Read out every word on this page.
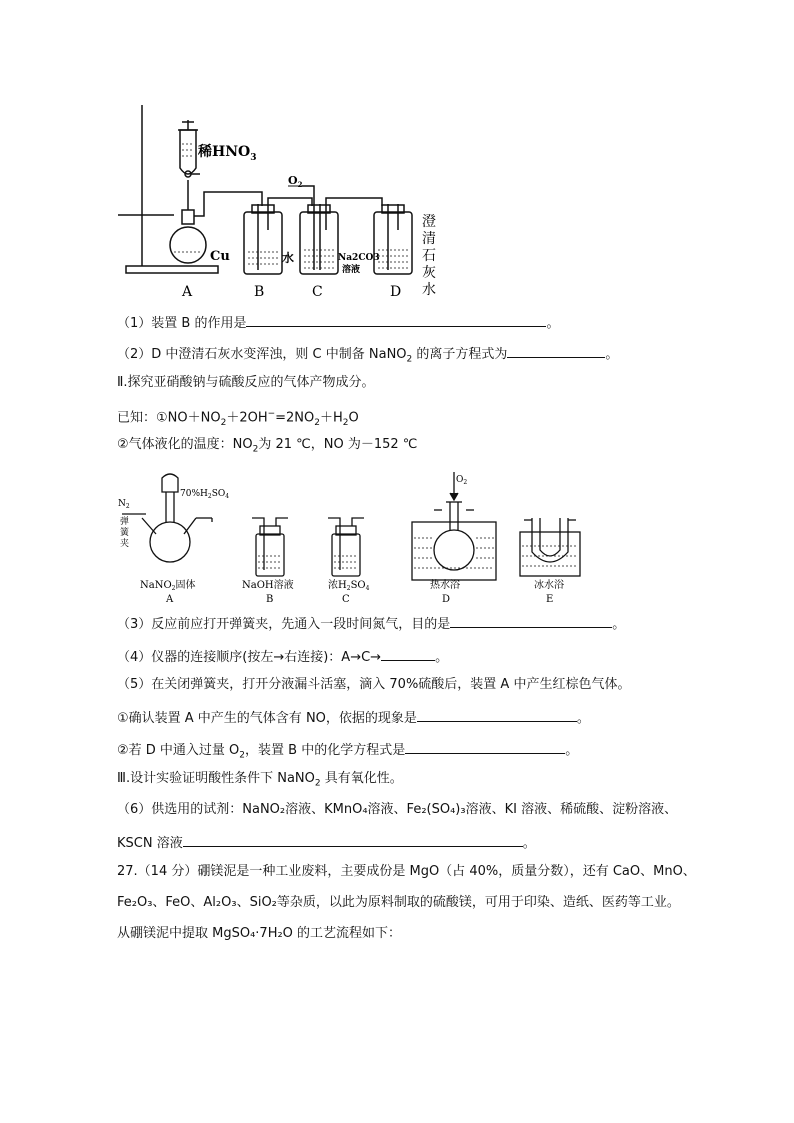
稀$HNO_3$
Cu
$O_2$
水	Na2CO3
溶液
澄
清
石
灰
水
A	B	C	D
（1）装置 B 的作用是	。
（2）D 中澄清石灰水变浑浊，则 C 中制备 NaNO$_2$ 的离子方程式为	。
Ⅱ.探究亚硝酸钠与硫酸反应的气体产物成分。
已知：$①NO+NO_2+2OH^-=2NO_2+H_2O$
②气体液化的温度：$NO_2$为 21 ℃，NO 为－152 ℃
$N_2$
弹
簧
夹
$70\%H_2SO_4$
$O_2$
NaNO$_2$固体
A
NaOH溶液
B
浓$H_2SO_4$
C
热水浴
D
冰水浴
E
（3）反应前应打开弹簧夹，先通入一段时间氮气，目的是	。
（4）仪器的连接顺序(按左→右连接)：A→C→	。
（5）在关闭弹簧夹，打开分液漏斗活塞，滴入 70%硫酸后，装置 A 中产生红棕色气体。
①确认装置 A 中产生的气体含有 NO，依据的现象是	。
②若 D 中通入过量 $O_2$，装置 B 中的化学方程式是	。
Ⅲ.设计实验证明酸性条件下 NaNO$_2$ 具有氧化性。
（6）供选用的试剂：NaNO₂溶液、KMnO₄溶液、Fe₂(SO₄)₃溶液、KI 溶液、稀硫酸、淀粉溶液、
KSCN 溶液	。
27.（14 分）硼镁泥是一种工业废料，主要成份是 MgO（占 40%，质量分数），还有 CaO、MnO、
Fe₂O₃、FeO、Al₂O₃、SiO₂等杂质，以此为原料制取的硫酸镁，可用于印染、造纸、医药等工业。
从硼镁泥中提取 MgSO₄·7H₂O 的工艺流程如下：
